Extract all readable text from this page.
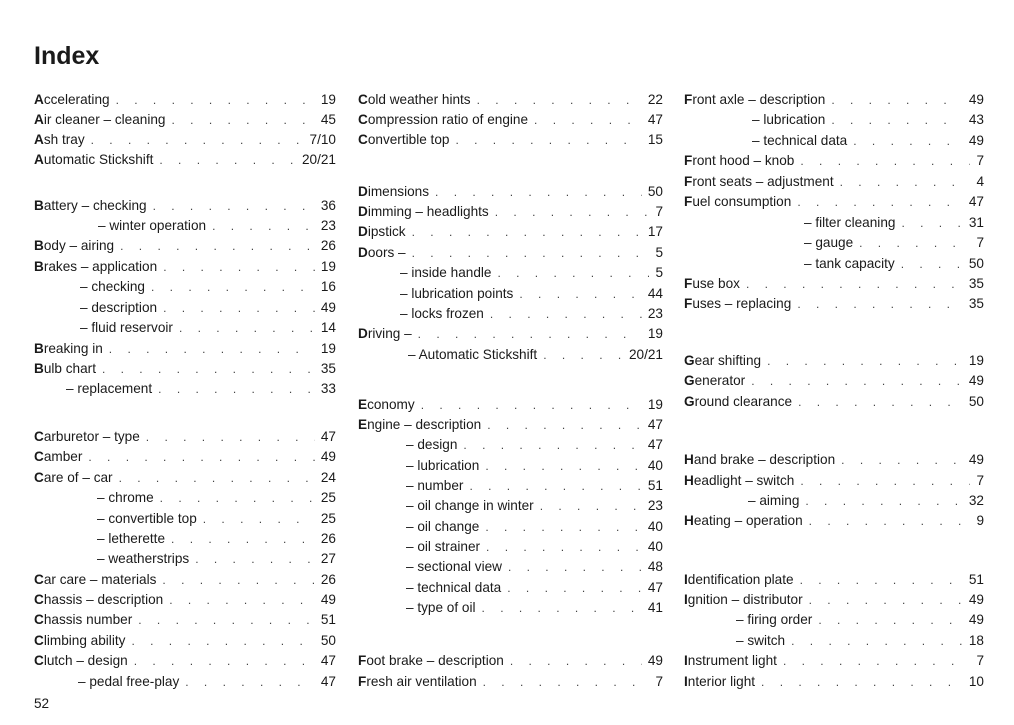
Index
Accelerating . . .	19
Air cleaner – cleaning . . .	45
Ash tray . . .	7/10
Automatic Stickshift . . .	20/21
Battery – checking . . .	36
– winter operation . . .	23
Body – airing . . .	26
Brakes – application . . .	19
– checking . . .	16
– description . . .	49
– fluid reservoir . . .	14
Breaking in . . .	19
Bulb chart . . .	35
– replacement . . .	33
Carburetor – type . . .	47
Camber . . .	49
Care of – car . . .	24
– chrome . . .	25
– convertible top . . .	25
– letherette . . .	26
– weatherstrips . . .	27
Car care – materials . . .	26
Chassis – description . . .	49
Chassis number . . .	51
Climbing ability . . .	50
Clutch – design . . .	47
– pedal free-play . . .	47
Cold weather hints . . .	22
Compression ratio of engine . . .	47
Convertible top . . .	15
Dimensions . . .	50
Dimming – headlights . . .	7
Dipstick . . .	17
Doors – . . .	5
– inside handle . . .	5
– lubrication points . . .	44
– locks frozen . . .	23
Driving – . . .	19
– Automatic Stickshift . . .	20/21
Economy . . .	19
Engine – description . . .	47
– design . . .	47
– lubrication . . .	40
– number . . .	51
– oil change in winter . . .	23
– oil change . . .	40
– oil strainer . . .	40
– sectional view . . .	48
– technical data . . .	47
– type of oil . . .	41
Foot brake – description . . .	49
Fresh air ventilation . . .	7
Front axle – description . . .	49
– lubrication . . .	43
– technical data . . .	49
Front hood – knob . . .	7
Front seats – adjustment . . .	4
Fuel consumption . . .	47
– filter cleaning . . .	31
– gauge . . .	7
– tank capacity . . .	50
Fuse box . . .	35
Fuses – replacing . . .	35
Gear shifting . . .	19
Generator . . .	49
Ground clearance . . .	50
Hand brake – description . . .	49
Headlight – switch . . .	7
– aiming . . .	32
Heating – operation . . .	9
Identification plate . . .	51
Ignition – distributor . . .	49
– firing order . . .	49
– switch . . .	18
Instrument light . . .	7
Interior light . . .	10
52
